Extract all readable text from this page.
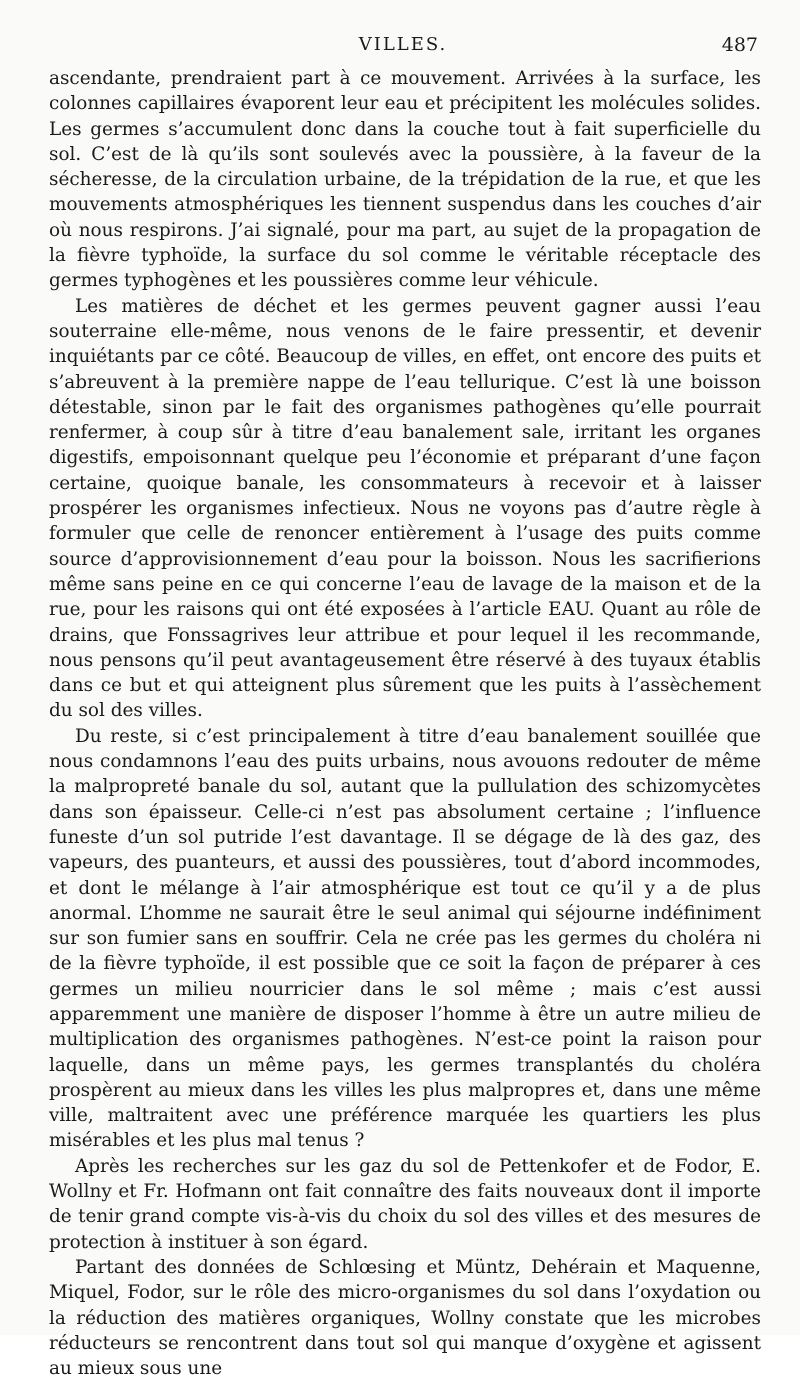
VILLES.	487

ascendante, prendraient part à ce mouvement. Arrivées à la surface, les colonnes capillaires évaporent leur eau et précipitent les molécules solides. Les germes s’accumulent donc dans la couche tout à fait superficielle du sol. C’est de là qu’ils sont soulevés avec la poussière, à la faveur de la sécheresse, de la circulation urbaine, de la trépidation de la rue, et que les mouvements atmosphériques les tiennent suspendus dans les couches d’air où nous respirons. J’ai signalé, pour ma part, au sujet de la propagation de la fièvre typhoïde, la surface du sol comme le véritable réceptacle des germes typhogènes et les poussières comme leur véhicule.

Les matières de déchet et les germes peuvent gagner aussi l’eau souterraine elle-même, nous venons de le faire pressentir, et devenir inquiétants par ce côté. Beaucoup de villes, en effet, ont encore des puits et s’abreuvent à la première nappe de l’eau tellurique. C’est là une boisson détestable, sinon par le fait des organismes pathogènes qu’elle pourrait renfermer, à coup sûr à titre d’eau banalement sale, irritant les organes digestifs, empoisonnant quelque peu l’économie et préparant d’une façon certaine, quoique banale, les consommateurs à recevoir et à laisser prospérer les organismes infectieux. Nous ne voyons pas d’autre règle à formuler que celle de renoncer entièrement à l’usage des puits comme source d’approvisionnement d’eau pour la boisson. Nous les sacrifierions même sans peine en ce qui concerne l’eau de lavage de la maison et de la rue, pour les raisons qui ont été exposées à l’article EAU. Quant au rôle de drains, que Fonssagrives leur attribue et pour lequel il les recommande, nous pensons qu’il peut avantageusement être réservé à des tuyaux établis dans ce but et qui atteignent plus sûrement que les puits à l’assèchement du sol des villes.

Du reste, si c’est principalement à titre d’eau banalement souillée que nous condamnons l’eau des puits urbains, nous avouons redouter de même la malpropreté banale du sol, autant que la pullulation des schizomycètes dans son épaisseur. Celle-ci n’est pas absolument certaine ; l’influence funeste d’un sol putride l’est davantage. Il se dégage de là des gaz, des vapeurs, des puanteurs, et aussi des poussières, tout d’abord incommodes, et dont le mélange à l’air atmosphérique est tout ce qu’il y a de plus anormal. L’homme ne saurait être le seul animal qui séjourne indéfiniment sur son fumier sans en souffrir. Cela ne crée pas les germes du choléra ni de la fièvre typhoïde, il est possible que ce soit la façon de préparer à ces germes un milieu nourricier dans le sol même ; mais c’est aussi apparemment une manière de disposer l’homme à être un autre milieu de multiplication des organismes pathogènes. N’est-ce point la raison pour laquelle, dans un même pays, les germes transplantés du choléra prospèrent au mieux dans les villes les plus malpropres et, dans une même ville, maltraitent avec une préférence marquée les quartiers les plus misérables et les plus mal tenus ?

Après les recherches sur les gaz du sol de Pettenkofer et de Fodor, E. Wollny et Fr. Hofmann ont fait connaître des faits nouveaux dont il importe de tenir grand compte vis-à-vis du choix du sol des villes et des mesures de protection à instituer à son égard.

Partant des données de Schlœsing et Müntz, Dehérain et Maquenne, Miquel, Fodor, sur le rôle des micro-organismes du sol dans l’oxydation ou la réduction des matières organiques, Wollny constate que les microbes réducteurs se rencontrent dans tout sol qui manque d’oxygène et agissent au mieux sous une
